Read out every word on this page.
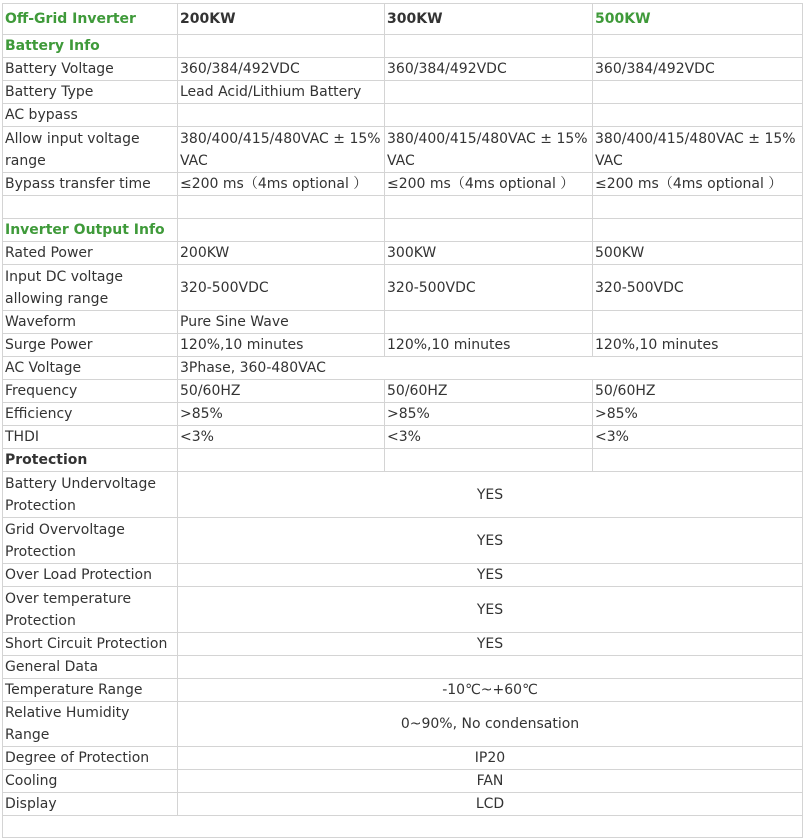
Off-Grid Inverter	200KW	300KW	500KW
Battery Info			
Battery Voltage	360/384/492VDC	360/384/492VDC	360/384/492VDC
Battery Type	Lead Acid/Lithium Battery		
AC bypass			
Allow input voltage range	380/400/415/480VAC ± 15% VAC	380/400/415/480VAC ± 15% VAC	380/400/415/480VAC ± 15% VAC
Bypass transfer time	≤200 ms（4ms optional ）	≤200 ms（4ms optional ）	≤200 ms（4ms optional ）

Inverter Output Info			
Rated Power	200KW	300KW	500KW
Input DC voltage allowing range	320-500VDC	320-500VDC	320-500VDC
Waveform	Pure Sine Wave		
Surge Power	120%,10 minutes	120%,10 minutes	120%,10 minutes
AC Voltage	3Phase, 360-480VAC		
Frequency	50/60HZ	50/60HZ	50/60HZ
Efficiency	>85%	>85%	>85%
THDI	<3%	<3%	<3%
Protection			
Battery Undervoltage Protection	YES		
Grid Overvoltage Protection	YES		
Over Load Protection	YES		
Over temperature Protection	YES		
Short Circuit Protection	YES		
General Data			
Temperature Range	-10℃~+60℃		
Relative Humidity Range	0~90%, No condensation		
Degree of Protection	IP20		
Cooling	FAN		
Display	LCD		
